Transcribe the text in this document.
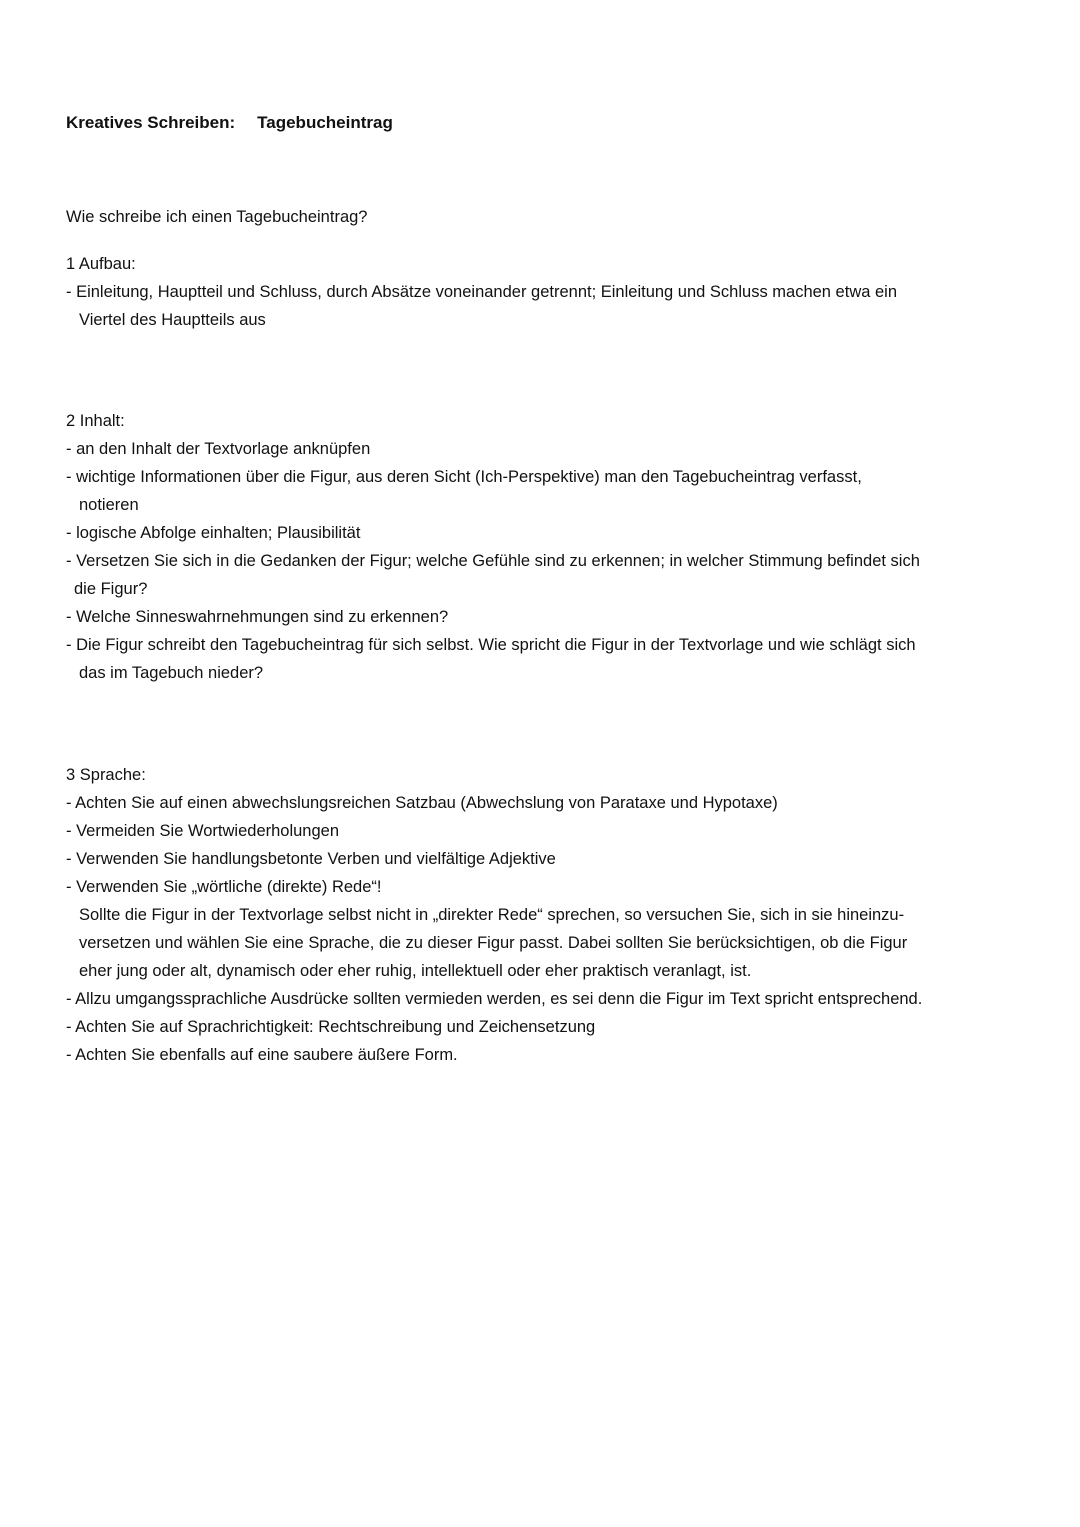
Kreatives Schreiben: Tagebucheintrag
Wie schreibe ich einen Tagebucheintrag?
1 Aufbau:
- Einleitung, Hauptteil und Schluss, durch Absätze voneinander getrennt; Einleitung und Schluss machen etwa ein
Viertel des Hauptteils aus
2 Inhalt:
- an den Inhalt der Textvorlage anknüpfen
- wichtige Informationen über die Figur, aus deren Sicht (Ich-Perspektive) man den Tagebucheintrag verfasst,
notieren
- logische Abfolge einhalten; Plausibilität
- Versetzen Sie sich in die Gedanken der Figur; welche Gefühle sind zu erkennen; in welcher Stimmung befindet sich
die Figur?
- Welche Sinneswahrnehmungen sind zu erkennen?
- Die Figur schreibt den Tagebucheintrag für sich selbst. Wie spricht die Figur in der Textvorlage und wie schlägt sich
das im Tagebuch nieder?
3 Sprache:
- Achten Sie auf einen abwechslungsreichen Satzbau (Abwechslung von Parataxe und Hypotaxe)
- Vermeiden Sie Wortwiederholungen
- Verwenden Sie handlungsbetonte Verben und vielfältige Adjektive
- Verwenden Sie „wörtliche (direkte) Rede“!
Sollte die Figur in der Textvorlage selbst nicht in „direkter Rede“ sprechen, so versuchen Sie, sich in sie hineinzu-
versetzen und wählen Sie eine Sprache, die zu dieser Figur passt. Dabei sollten Sie berücksichtigen, ob die Figur
eher jung oder alt, dynamisch oder eher ruhig, intellektuell oder eher praktisch veranlagt, ist.
- Allzu umgangssprachliche Ausdrücke sollten vermieden werden, es sei denn die Figur im Text spricht entsprechend.
- Achten Sie auf Sprachrichtigkeit: Rechtschreibung und Zeichensetzung
- Achten Sie ebenfalls auf eine saubere äußere Form.
